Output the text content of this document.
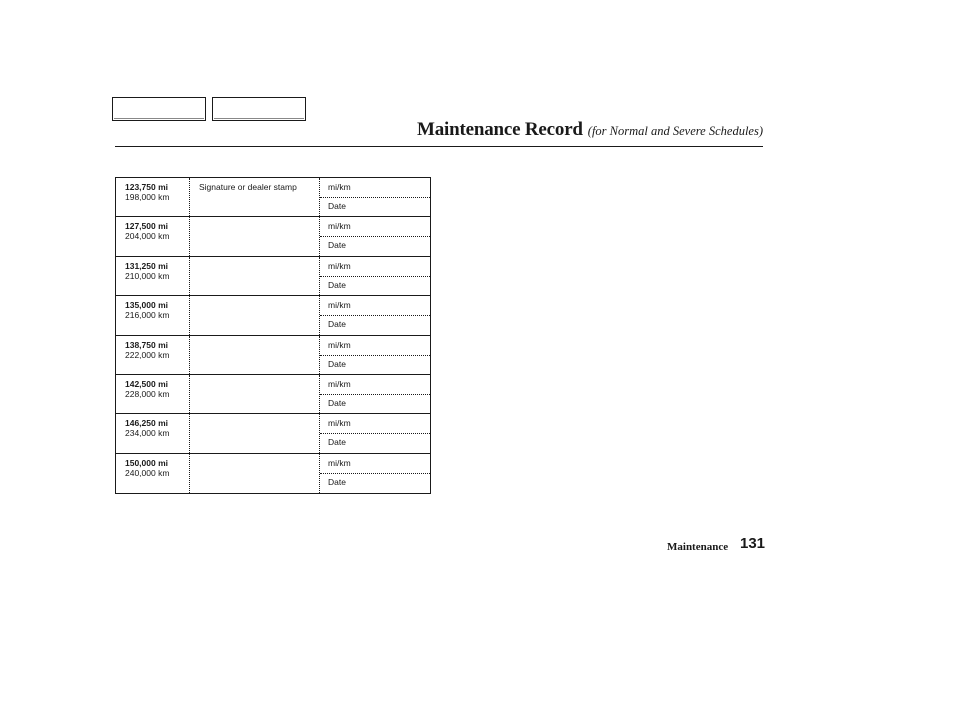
Maintenance Record (for Normal and Severe Schedules)
123,750 mi
198,000 km
Signature or dealer stamp	mi/km
Date
127,500 mi
204,000 km
mi/km
Date
131,250 mi
210,000 km
mi/km
Date
135,000 mi
216,000 km
mi/km
Date
138,750 mi
222,000 km
mi/km
Date
142,500 mi
228,000 km
mi/km
Date
146,250 mi
234,000 km
mi/km
Date
150,000 mi
240,000 km
mi/km
Date
Maintenance 131
